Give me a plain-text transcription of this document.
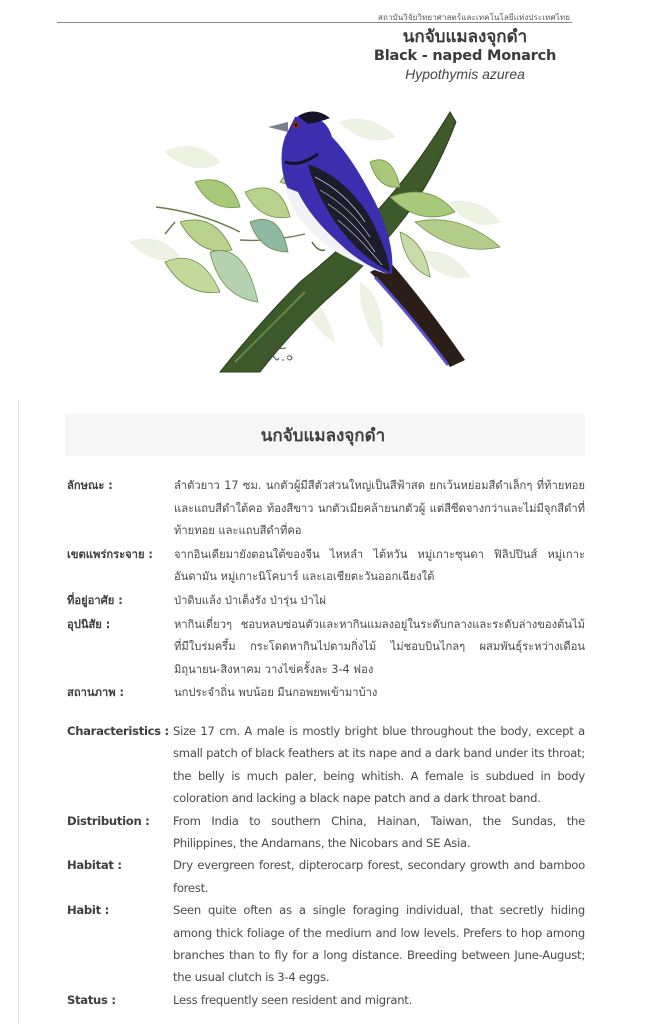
สถาบันวิจัยวิทยาศาสตร์และเทคโนโลยีแห่งประเทศไทย
นกจับแมลงจุกดำ
Black - naped Monarch
Hypothymis azurea
นกจับแมลงจุกดำ
ลักษณะ :	ลำตัวยาว 17 ซม. นกตัวผู้มีสีตัวส่วนใหญ่เป็นสีฟ้าสด ยกเว้นหย่อมสีดำเล็กๆ ที่ท้ายทอย และแถบสีดำใต้คอ ท้องสีขาว นกตัวเมียคล้ายนกตัวผู้ แต่สีซีดจางกว่าและไม่มีจุกสีดำที่ท้ายทอย และแถบสีดำที่คอ
เขตแพร่กระจาย :	จากอินเดียมายังตอนใต้ของจีน ไหหลำ ไต้หวัน หมู่เกาะซุนดา ฟิลิปปินส์ หมู่เกาะอันดามัน หมู่เกาะนิโคบาร์ และเอเชียตะวันออกเฉียงใต้
ที่อยู่อาศัย :	ป่าดิบแล้ง ป่าเต็งรัง ป่ารุ่น ป่าไผ่
อุปนิสัย :	หากินเดี่ยวๆ ชอบหลบซ่อนตัวและหากินแมลงอยู่ในระดับกลางและระดับล่างของต้นไม้ที่มีใบร่มครึ้ม กระโดดหากินไปตามกิ่งไม้ ไม่ชอบบินไกลๆ ผสมพันธุ์ระหว่างเดือนมิถุนายน-สิงหาคม วางไข่ครั้งละ 3-4 ฟอง
สถานภาพ :	นกประจำถิ่น พบน้อย มีนกอพยพเข้ามาบ้าง
Characteristics : Size 17 cm. A male is mostly bright blue throughout the body, except a small patch of black feathers at its nape and a dark band under its throat; the belly is much paler, being whitish. A female is subdued in body coloration and lacking a black nape patch and a dark throat band.
Distribution :	From India to southern China, Hainan, Taiwan, the Sundas, the Philippines, the Andamans, the Nicobars and SE Asia.
Habitat :	Dry evergreen forest, dipterocarp forest, secondary growth and bamboo forest.
Habit :	Seen quite often as a single foraging individual, that secretly hiding among thick foliage of the medium and low levels. Prefers to hop among branches than to fly for a long distance. Breeding between June-August; the usual clutch is 3-4 eggs.
Status :	Less frequently seen resident and migrant.
